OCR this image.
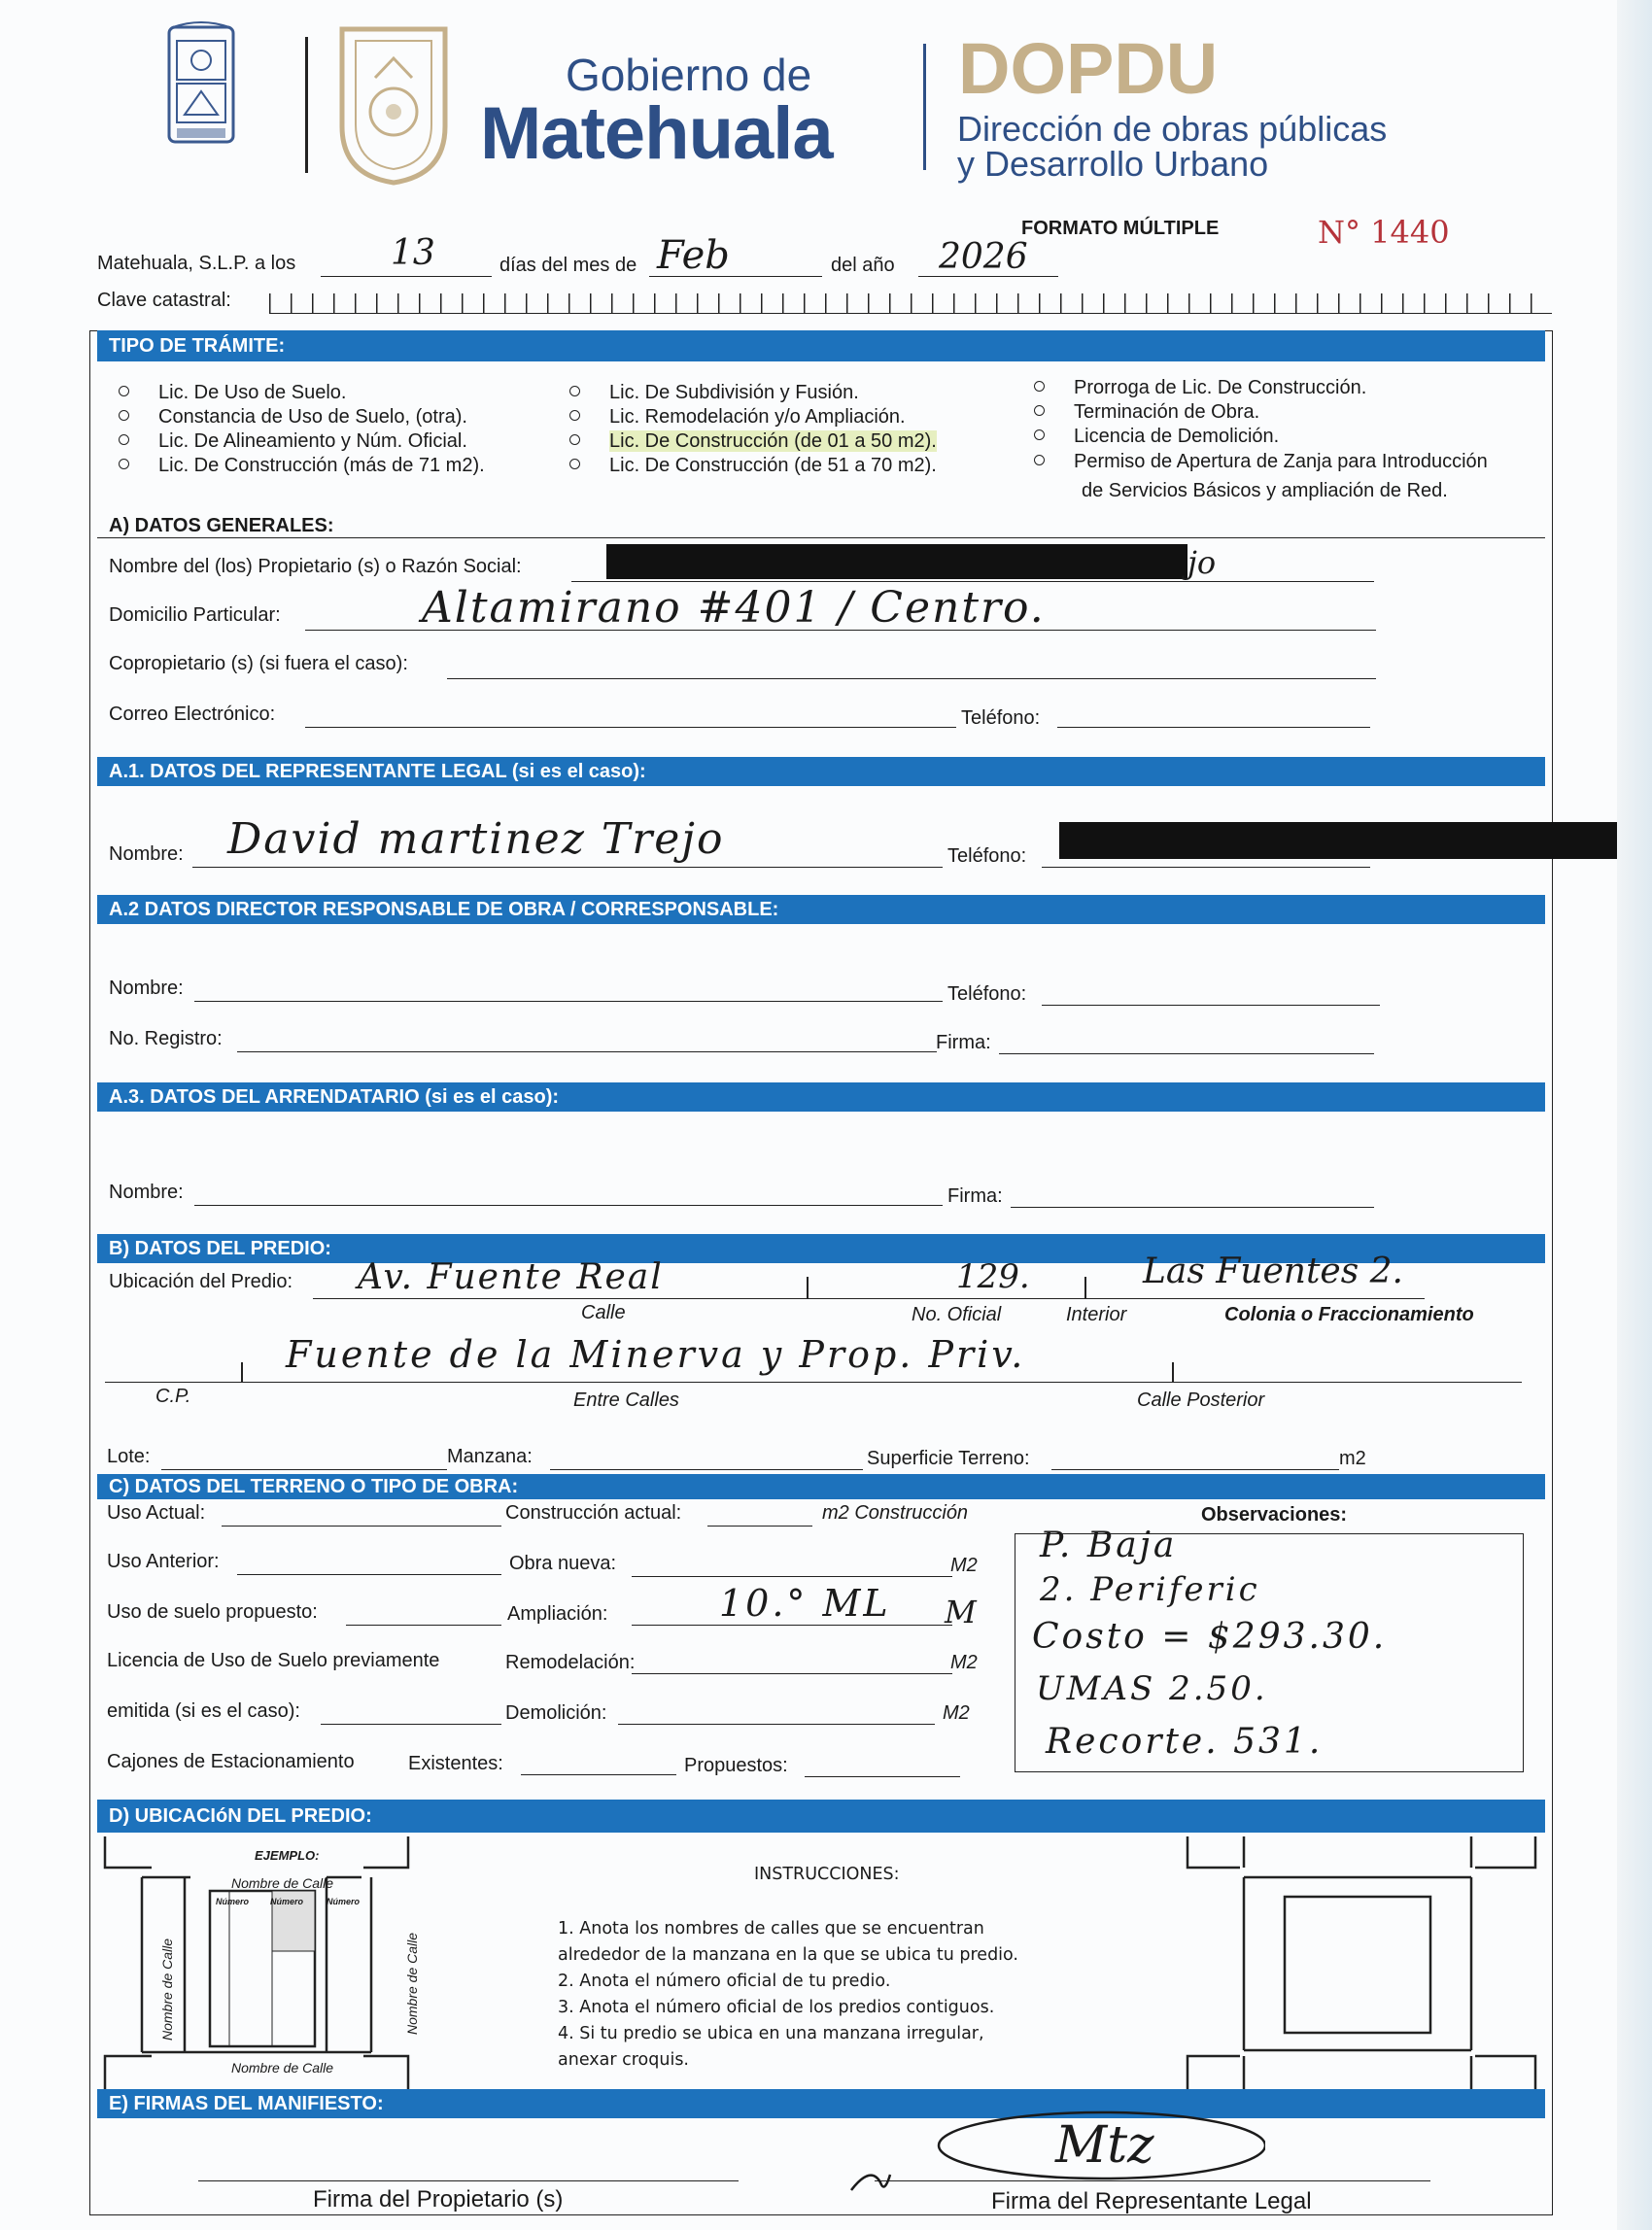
Gobierno de
Matehuala
DOPDU
Dirección de obras públicas
y Desarrollo Urbano
FORMATO MÚLTIPLE	N° 1440
Matehuala, S.L.P. a los	13	días del mes de Feb	del año 2026
Clave catastral:
TIPO DE TRÁMITE:
Lic. De Uso de Suelo.
Constancia de Uso de Suelo, (otra).
Lic. De Alineamiento y Núm. Oficial.
Lic. De Construcción (más de 71 m2).
Lic. De Subdivisión y Fusión.
Lic. Remodelación y/o Ampliación.
Lic. De Construcción (de 01 a 50 m2).
Lic. De Construcción (de 51 a 70 m2).
Prorroga de Lic. De Construcción.
Terminación de Obra.
Licencia de Demolición.
Permiso de Apertura de Zanja para Introducción
de Servicios Básicos y ampliación de Red.
A) DATOS GENERALES:
Nombre del (los) Propietario (s) o Razón Social:	jo
Domicilio Particular:	Altamirano #401 / Centro.
Copropietario (s) (si fuera el caso):
Correo Electrónico:	Teléfono:
A.1. DATOS DEL REPRESENTANTE LEGAL (si es el caso):
Nombre: David martinez Trejo	Teléfono:
A.2 DATOS DIRECTOR RESPONSABLE DE OBRA / CORRESPONSABLE:
Nombre:	Teléfono:
No. Registro:	Firma:
A.3. DATOS DEL ARRENDATARIO (si es el caso):
Nombre:	Firma:
B) DATOS DEL PREDIO:
Ubicación del Predio: Av. Fuente Real	129.	Las Fuentes 2.
Calle	No. Oficial	Interior	Colonia o Fraccionamiento
Fuente de la Minerva y Prop. Priv.
C.P.	Entre Calles	Calle Posterior
Lote:	Manzana:	Superficie Terreno:	m2
C) DATOS DEL TERRENO O TIPO DE OBRA:
Uso Actual:	Construcción actual:	m2 Construcción	Observaciones:
Uso Anterior:	Obra nueva:	M2
Uso de suelo propuesto:	Ampliación:	10.° ML M
Licencia de Uso de Suelo previamente	Remodelación:	M2
emitida (si es el caso):	Demolición:	M2
Cajones de Estacionamiento	Existentes:	Propuestos:
P. Baja
2. Periferic
Costo = $293.30.
UMAS 2.50.
Recorte. 531.
D) UBICACIóN DEL PREDIO:
EJEMPLO:
Nombre de Calle
Número Número	Número
Nombre de Calle	Nombre de Calle
Nombre de Calle
INSTRUCCIONES:
1. Anota los nombres de calles que se encuentran
alrededor de la manzana en la que se ubica tu predio.
2. Anota el número oficial de tu predio.
3. Anota el número oficial de los predios contiguos.
4. Si tu predio se ubica en una manzana irregular,
anexar croquis.
E) FIRMAS DEL MANIFIESTO:
Firma del Propietario (s)	Firma del Representante Legal
Mtz
